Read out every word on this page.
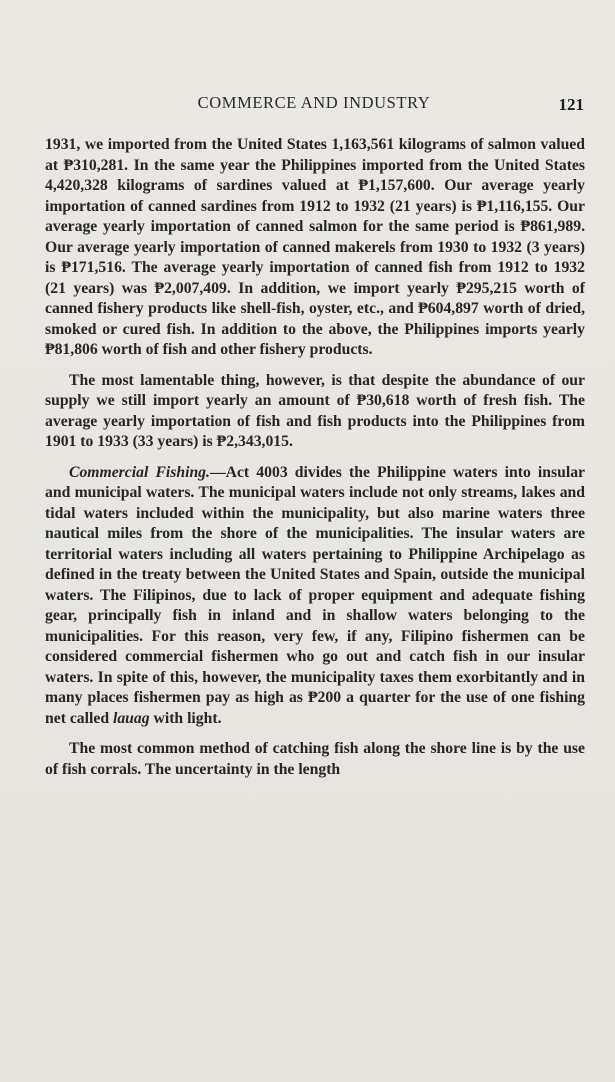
COMMERCE AND INDUSTRY	121

1931, we imported from the United States 1,163,561 kilograms of salmon valued at ₱310,281. In the same year the Philippines imported from the United States 4,420,328 kilograms of sardines valued at ₱1,157,600. Our average yearly importation of canned sardines from 1912 to 1932 (21 years) is ₱1,116,155. Our average yearly importation of canned salmon for the same period is ₱861,989. Our average yearly importation of canned makerels from 1930 to 1932 (3 years) is ₱171,516. The average yearly importation of canned fish from 1912 to 1932 (21 years) was ₱2,007,409. In addition, we import yearly ₱295,215 worth of canned fishery products like shell-fish, oyster, etc., and ₱604,897 worth of dried, smoked or cured fish. In addition to the above, the Philippines imports yearly ₱81,806 worth of fish and other fishery products.

The most lamentable thing, however, is that despite the abundance of our supply we still import yearly an amount of ₱30,618 worth of fresh fish. The average yearly importation of fish and fish products into the Philippines from 1901 to 1933 (33 years) is ₱2,343,015.

Commercial Fishing.—Act 4003 divides the Philippine waters into insular and municipal waters. The municipal waters include not only streams, lakes and tidal waters included within the municipality, but also marine waters three nautical miles from the shore of the municipalities. The insular waters are territorial waters including all waters pertaining to Philippine Archipelago as defined in the treaty between the United States and Spain, outside the municipal waters. The Filipinos, due to lack of proper equipment and adequate fishing gear, principally fish in inland and in shallow waters belonging to the municipalities. For this reason, very few, if any, Filipino fishermen can be considered commercial fishermen who go out and catch fish in our insular waters. In spite of this, however, the municipality taxes them exorbitantly and in many places fishermen pay as high as ₱200 a quarter for the use of one fishing net called lauag with light.

The most common method of catching fish along the shore line is by the use of fish corrals. The uncertainty in the length
